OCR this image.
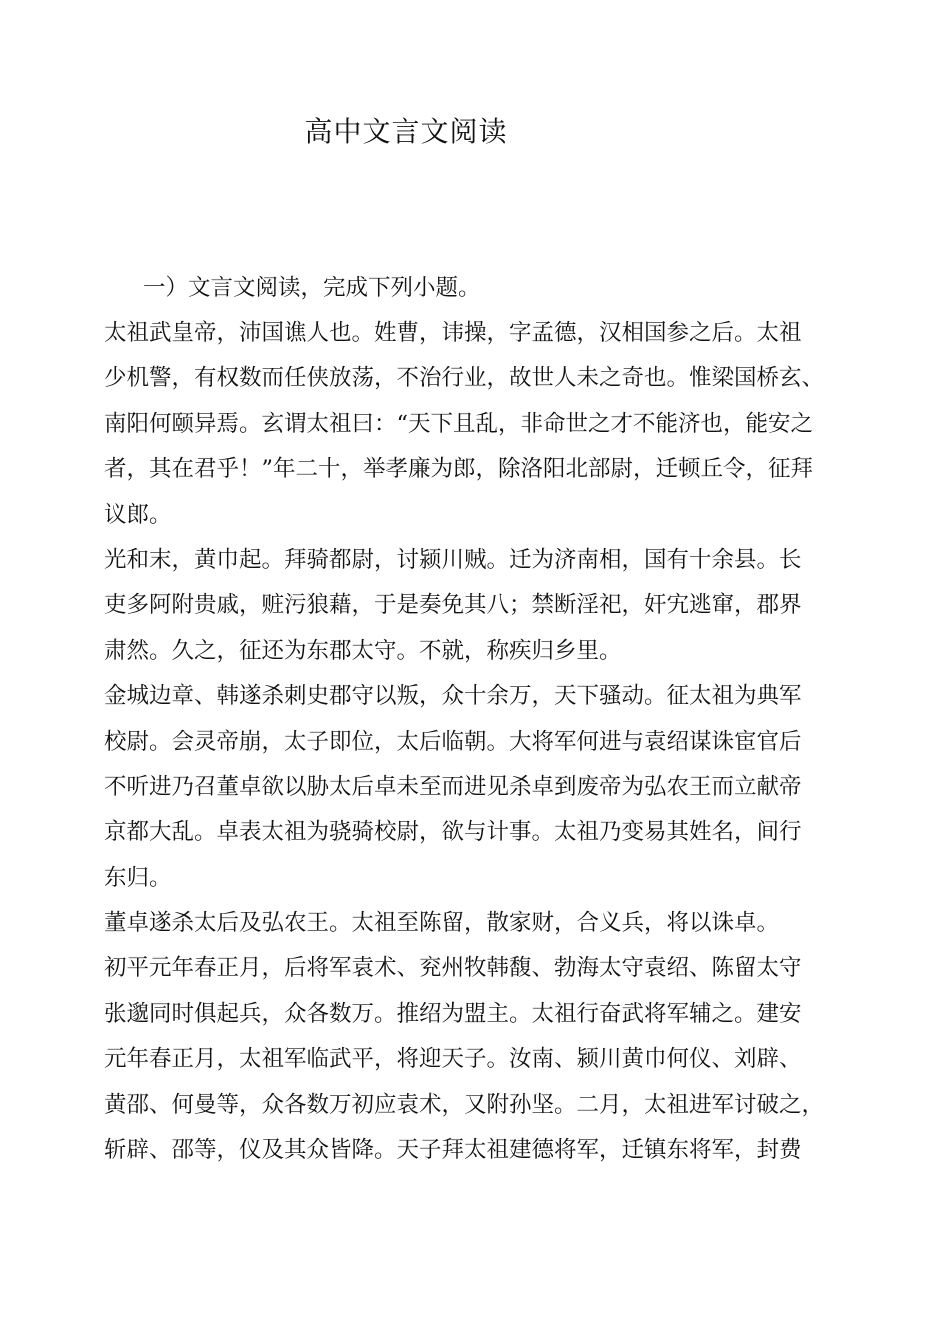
高中文言文阅读
一）文言文阅读，完成下列小题。
太祖武皇帝，沛国谯人也。姓曹，讳操，字孟德，汉相国参之后。太祖
少机警，有权数而任侠放荡，不治行业，故世人未之奇也。惟梁国桥玄、
南阳何颐异焉。玄谓太祖曰：“天下且乱，非命世之才不能济也，能安之
者，其在君乎！”年二十，举孝廉为郎，除洛阳北部尉，迁顿丘令，征拜
议郎。
光和末，黄巾起。拜骑都尉，讨颍川贼。迁为济南相，国有十余县。长
吏多阿附贵戚，赃污狼藉，于是奏免其八；禁断淫祀，奸宄逃窜，郡界
肃然。久之，征还为东郡太守。不就，称疾归乡里。
金城边章、韩遂杀刺史郡守以叛，众十余万，天下骚动。征太祖为典军
校尉。会灵帝崩，太子即位，太后临朝。大将军何进与袁绍谋诛宦官后
不听进乃召董卓欲以胁太后卓未至而进见杀卓到废帝为弘农王而立献帝
京都大乱。卓表太祖为骁骑校尉，欲与计事。太祖乃变易其姓名，间行
东归。
董卓遂杀太后及弘农王。太祖至陈留，散家财，合义兵，将以诛卓。
初平元年春正月，后将军袁术、兖州牧韩馥、勃海太守袁绍、陈留太守
张邈同时俱起兵，众各数万。推绍为盟主。太祖行奋武将军辅之。建安
元年春正月，太祖军临武平，将迎天子。汝南、颍川黄巾何仪、刘辟、
黄邵、何曼等，众各数万初应袁术，又附孙坚。二月，太祖进军讨破之，
斩辟、邵等，仪及其众皆降。天子拜太祖建德将军，迁镇东将军，封费
